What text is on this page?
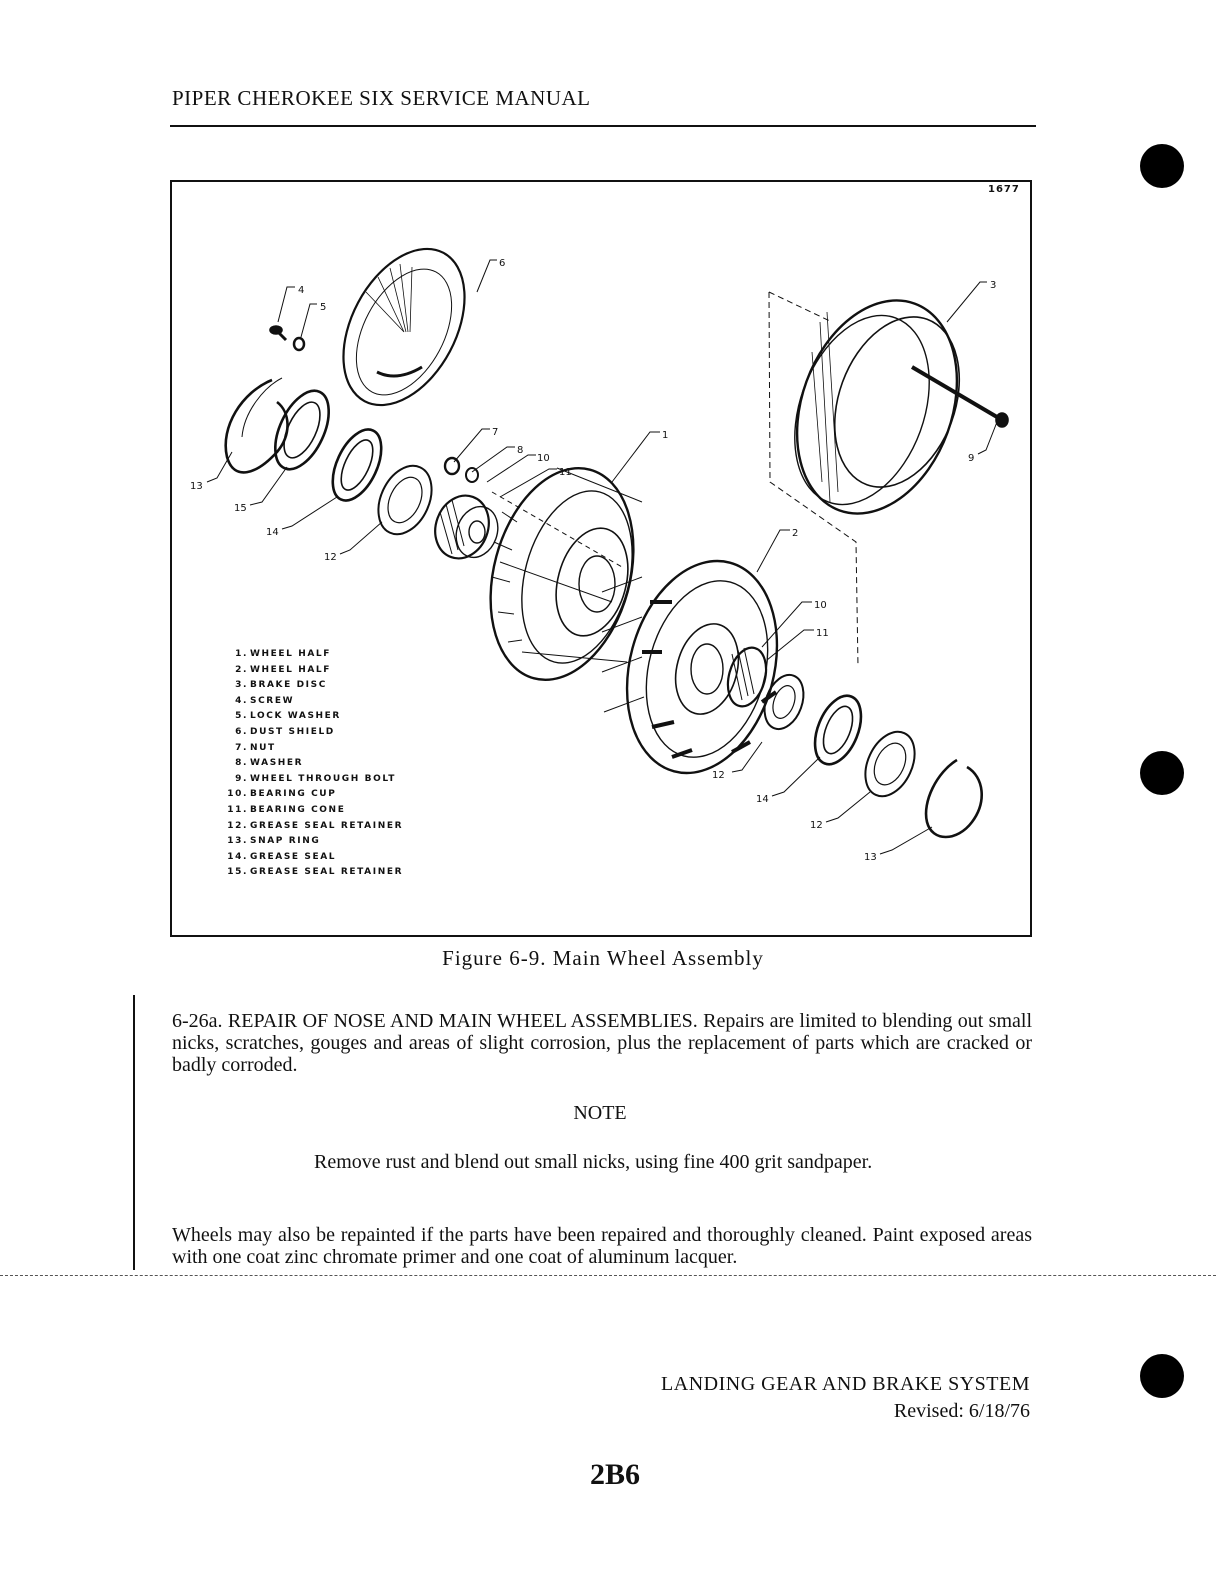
PIPER CHEROKEE SIX SERVICE MANUAL
1677
6
4
5
3
1
7
8
10
11
13
15
14
12
2
9
10
11
12
14
12
13
1. WHEEL HALF
2. WHEEL HALF
3. BRAKE DISC
4. SCREW
5. LOCK WASHER
6. DUST SHIELD
7. NUT
8. WASHER
9. WHEEL THROUGH BOLT
10. BEARING CUP
11. BEARING CONE
12. GREASE SEAL RETAINER
13. SNAP RING
14. GREASE SEAL
15. GREASE SEAL RETAINER
Figure 6-9. Main Wheel Assembly
6-26a. REPAIR OF NOSE AND MAIN WHEEL ASSEMBLIES. Repairs are limited to blending out small nicks, scratches, gouges and areas of slight corrosion, plus the replacement of parts which are cracked or badly corroded.
NOTE
Remove rust and blend out small nicks, using fine 400 grit sandpaper.
Wheels may also be repainted if the parts have been repaired and thoroughly cleaned. Paint exposed areas with one coat zinc chromate primer and one coat of aluminum lacquer.
LANDING GEAR AND BRAKE SYSTEM
Revised: 6/18/76
2B6
